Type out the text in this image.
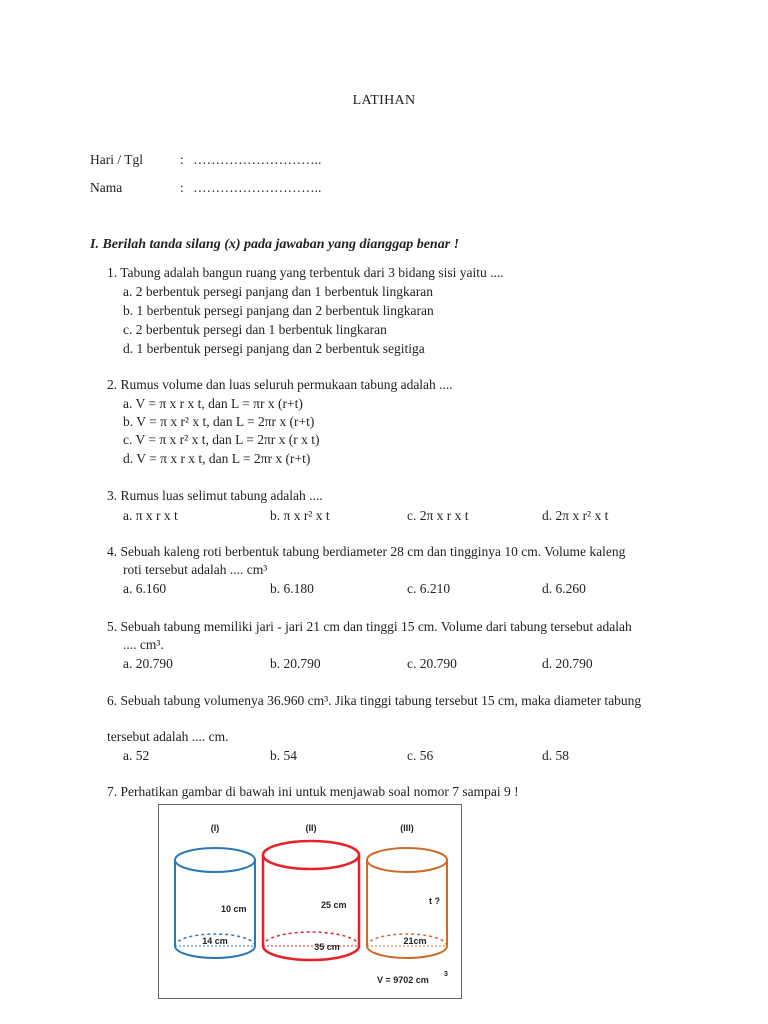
LATIHAN
Hari / Tgl	: ………………………..
Nama	: ………………………..
I. Berilah tanda silang (x) pada jawaban yang dianggap benar !
1. Tabung adalah bangun ruang yang terbentuk dari 3 bidang sisi yaitu ....
a. 2 berbentuk persegi panjang dan 1 berbentuk lingkaran
b. 1 berbentuk persegi panjang dan 2 berbentuk lingkaran
c. 2 berbentuk persegi dan 1 berbentuk lingkaran
d. 1 berbentuk persegi panjang dan 2 berbentuk segitiga
2. Rumus volume dan luas seluruh permukaan tabung adalah ....
a. V = π x r x t, dan L = πr x (r+t)
b. V = π x r² x t, dan L = 2πr x (r+t)
c. V = π x r² x t, dan L = 2πr x (r x t)
d. V = π x r x t, dan L = 2πr x (r+t)
3. Rumus luas selimut tabung adalah ....
a. π x r x t	b. π x r² x t	c. 2π x r x t	d. 2π x r² x t
4. Sebuah kaleng roti berbentuk tabung berdiameter 28 cm dan tingginya 10 cm. Volume kaleng
roti tersebut adalah .... cm³
a. 6.160	b. 6.180	c. 6.210	d. 6.260
5. Sebuah tabung memiliki jari - jari 21 cm dan tinggi 15 cm. Volume dari tabung tersebut adalah
.... cm³.
a. 20.790	b. 20.790	c. 20.790	d. 20.790
6. Sebuah tabung volumenya 36.960 cm³. Jika tinggi tabung tersebut 15 cm, maka diameter tabung
tersebut adalah .... cm.
a. 52	b. 54	c. 56	d. 58
7. Perhatikan gambar di bawah ini untuk menjawab soal nomor 7 sampai 9 !
(I)
10 cm
14 cm
(II)
25 cm
35 cm
(III)
t ?
21cm
V = 9702 cm
3
